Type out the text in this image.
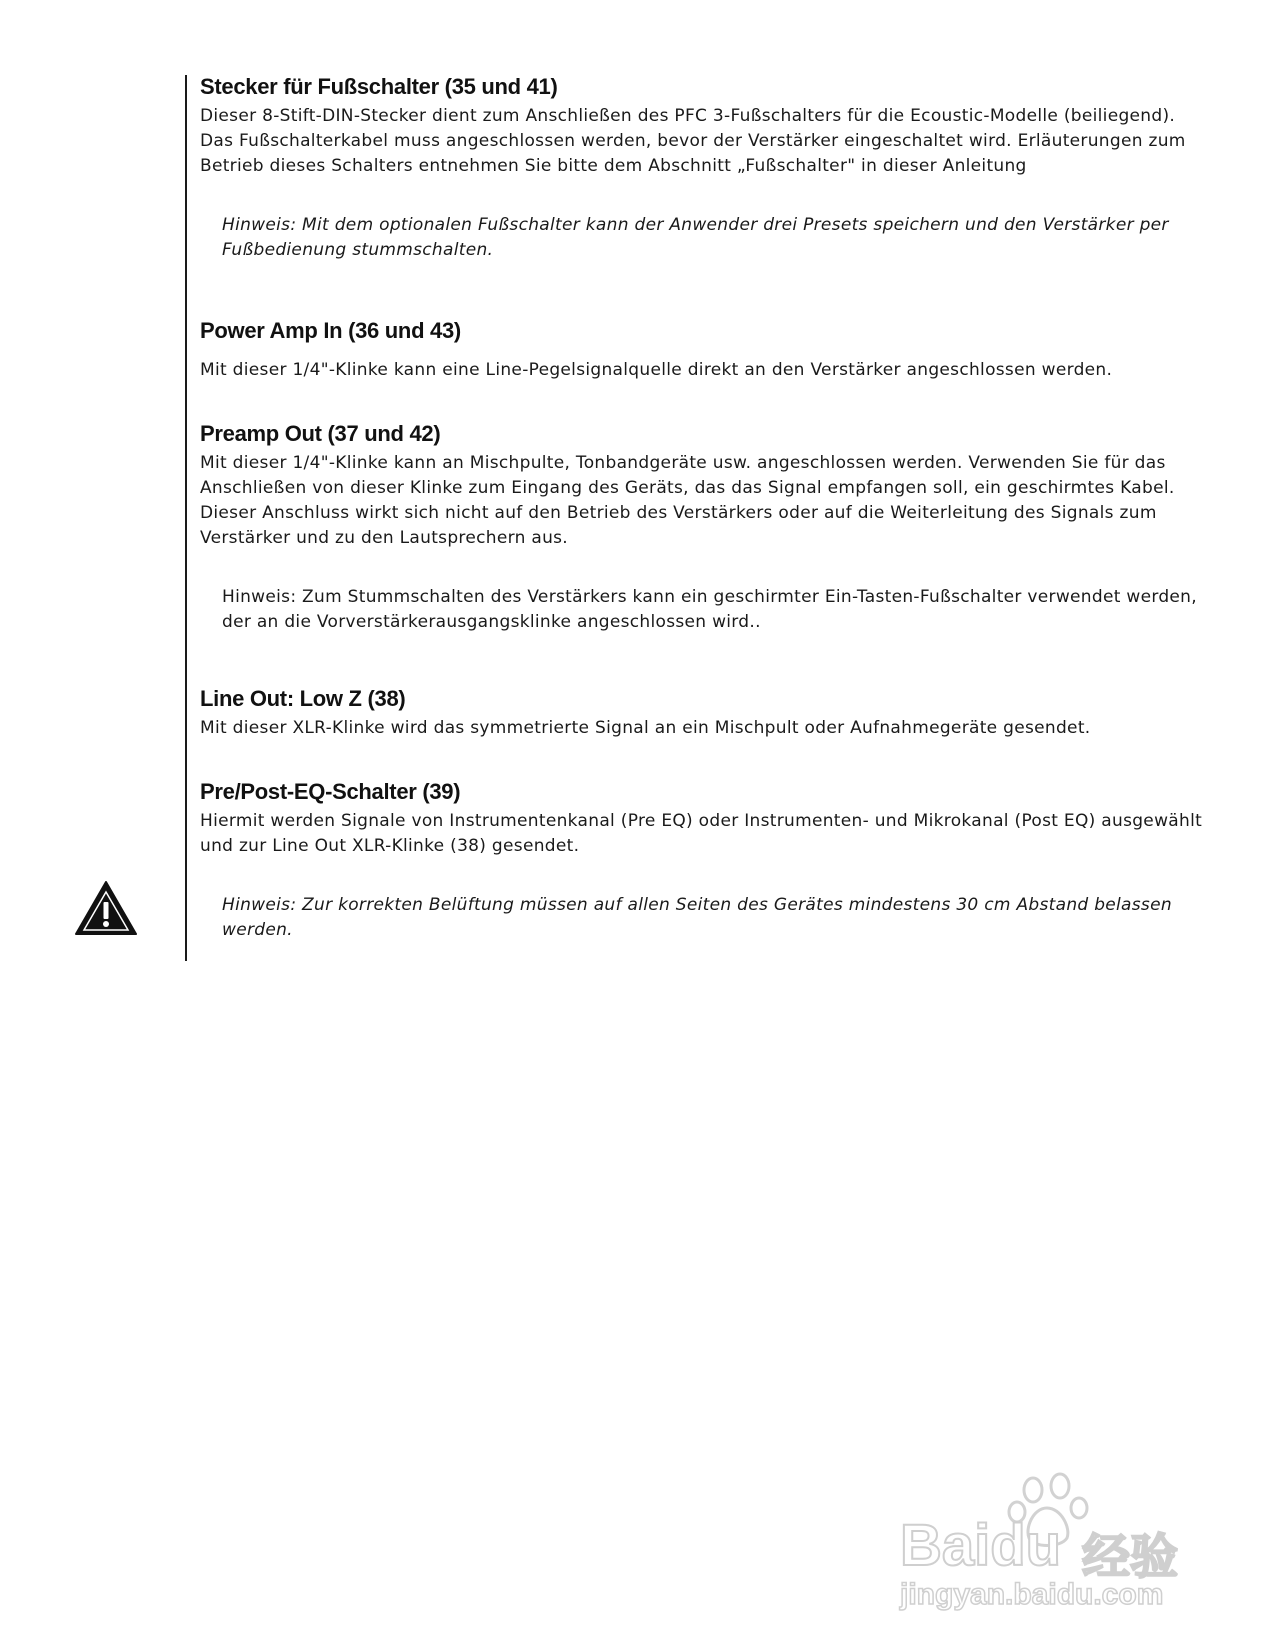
Stecker für Fußschalter (35 und 41)

Dieser 8-Stift-DIN-Stecker dient zum Anschließen des PFC 3-Fußschalters für die Ecoustic-Modelle (beiliegend). Das Fußschalterkabel muss angeschlossen werden, bevor der Verstärker eingeschaltet wird. Erläuterungen zum Betrieb dieses Schalters entnehmen Sie bitte dem Abschnitt „Fußschalter" in dieser Anleitung

Hinweis: Mit dem optionalen Fußschalter kann der Anwender drei Presets speichern und den Verstärker per Fußbedienung stummschalten.

Power Amp In (36 und 43)

Mit dieser 1/4"-Klinke kann eine Line-Pegelsignalquelle direkt an den Verstärker angeschlossen werden.

Preamp Out (37 und 42)

Mit dieser 1/4"-Klinke kann an Mischpulte, Tonbandgeräte usw. angeschlossen werden. Verwenden Sie für das Anschließen von dieser Klinke zum Eingang des Geräts, das das Signal empfangen soll, ein geschirmtes Kabel. Dieser Anschluss wirkt sich nicht auf den Betrieb des Verstärkers oder auf die Weiterleitung des Signals zum Verstärker und zu den Lautsprechern aus.

Hinweis: Zum Stummschalten des Verstärkers kann ein geschirmter Ein-Tasten-Fußschalter verwendet werden, der an die Vorverstärkerausgangsklinke angeschlossen wird..

Line Out: Low Z (38)

Mit dieser XLR-Klinke wird das symmetrierte Signal an ein Mischpult oder Aufnahmegeräte gesendet.

Pre/Post-EQ-Schalter (39)

Hiermit werden Signale von Instrumentenkanal (Pre EQ) oder Instrumenten- und Mikrokanal (Post EQ) ausgewählt und zur Line Out XLR-Klinke (38) gesendet.

Hinweis: Zur korrekten Belüftung müssen auf allen Seiten des Gerätes mindestens 30 cm Abstand belassen werden.

Baidu 经验
jingyan.baidu.com
